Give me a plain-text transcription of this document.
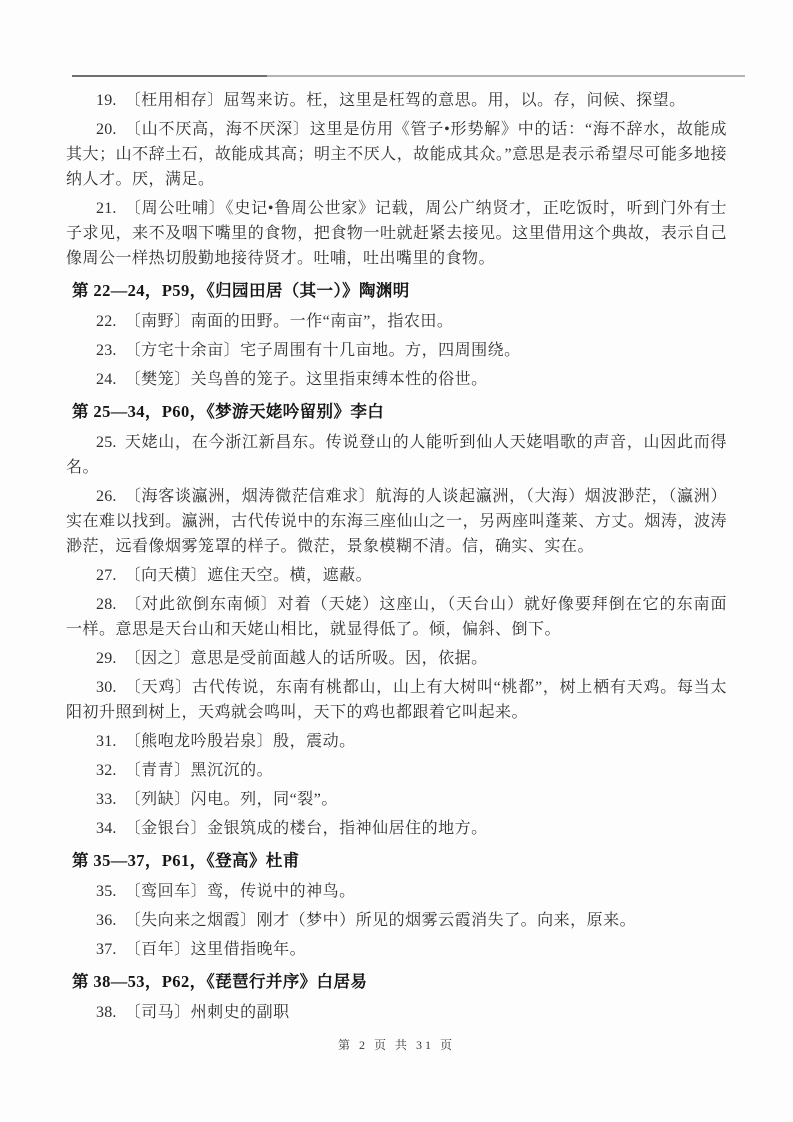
19. 〔枉用相存〕屈驾来访。枉，这里是枉驾的意思。用，以。存，问候、探望。

20. 〔山不厌高，海不厌深〕这里是仿用《管子•形势解》中的话：“海不辞水，故能成其大；山不辞土石，故能成其高；明主不厌人，故能成其众。”意思是表示希望尽可能多地接纳人才。厌，满足。

21. 〔周公吐哺〕《史记•鲁周公世家》记载，周公广纳贤才，正吃饭时，听到门外有士子求见，来不及咽下嘴里的食物，把食物一吐就赶紧去接见。这里借用这个典故，表示自己像周公一样热切殷勤地接待贤才。吐哺，吐出嘴里的食物。

第 22—24，P59，《归园田居（其一）》陶渊明

22. 〔南野〕南面的田野。一作“南亩”，指农田。

23. 〔方宅十余亩〕宅子周围有十几亩地。方，四周围绕。

24. 〔樊笼〕关鸟兽的笼子。这里指束缚本性的俗世。

第 25—34，P60，《梦游天姥吟留别》李白

25. 天姥山，在今浙江新昌东。传说登山的人能听到仙人天姥唱歌的声音，山因此而得名。

26. 〔海客谈瀛洲，烟涛微茫信难求〕航海的人谈起瀛洲，（大海）烟波渺茫，（瀛洲）实在难以找到。瀛洲，古代传说中的东海三座仙山之一，另两座叫蓬莱、方丈。烟涛，波涛渺茫，远看像烟雾笼罩的样子。微茫，景象模糊不清。信，确实、实在。

27. 〔向天横〕遮住天空。横，遮蔽。

28. 〔对此欲倒东南倾〕对着（天姥）这座山，（天台山）就好像要拜倒在它的东南面一样。意思是天台山和天姥山相比，就显得低了。倾，偏斜、倒下。

29. 〔因之〕意思是受前面越人的话所吸。因，依据。

30. 〔天鸡〕古代传说，东南有桃都山，山上有大树叫“桃都”，树上栖有天鸡。每当太阳初升照到树上，天鸡就会鸣叫，天下的鸡也都跟着它叫起来。

31. 〔熊咆龙吟殷岩泉〕殷，震动。

32. 〔青青〕黑沉沉的。

33. 〔列缺〕闪电。列，同“裂”。

34. 〔金银台〕金银筑成的楼台，指神仙居住的地方。

第 35—37，P61，《登高》杜甫

35. 〔鸾回车〕鸾，传说中的神鸟。

36. 〔失向来之烟霞〕刚才（梦中）所见的烟雾云霞消失了。向来，原来。

37. 〔百年〕这里借指晚年。

第 38—53，P62，《琵琶行并序》白居易

38. 〔司马〕州刺史的副职

第 2 页 共 31 页
